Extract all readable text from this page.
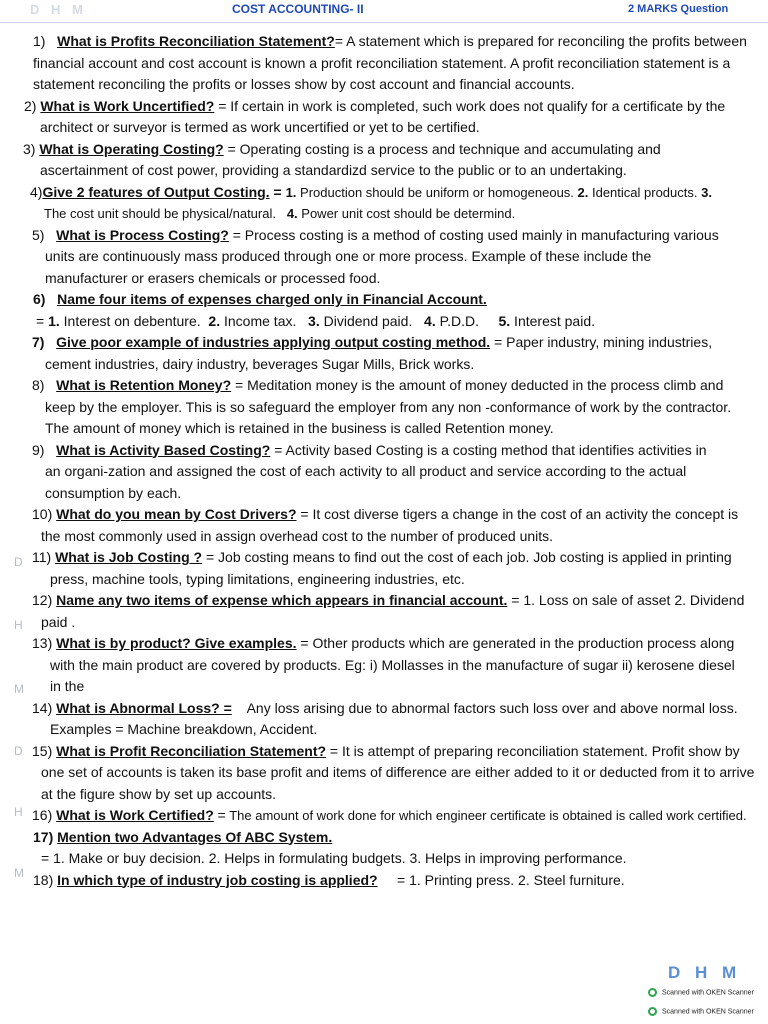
D H M	COST ACCOUNTING- II	2 MARKS Question

1) What is Profits Reconciliation Statement?= A statement which is prepared for reconciling the profits between financial account and cost account is known a profit reconciliation statement. A profit reconciliation statement is a statement reconciling the profits or losses show by cost account and financial accounts.

2) What is Work Uncertified? = If certain in work is completed, such work does not qualify for a certificate by the architect or surveyor is termed as work uncertified or yet to be certified.

3) What is Operating Costing? = Operating costing is a process and technique and accumulating and ascertainment of cost power, providing a standardizd service to the public or to an undertaking.

4)Give 2 features of Output Costing. = 1. Production should be uniform or homogeneous. 2. Identical products. 3. The cost unit should be physical/natural.   4. Power unit cost should be determind.

5) What is Process Costing? = Process costing is a method of costing used mainly in manufacturing various units are continuously mass produced through one or more process. Example of these include the manufacturer or erasers chemicals or processed food.

6) Name four items of expenses charged only in Financial Account.

= 1. Interest on debenture.  2. Income tax.   3. Dividend paid.   4. P.D.D.     5. Interest paid.

7) Give poor example of industries applying output costing method. = Paper industry, mining industries, cement industries, dairy industry, beverages Sugar Mills, Brick works.

8) What is Retention Money? = Meditation money is the amount of money deducted in the process climb and keep by the employer. This is so safeguard the employer from any non -conformance of work by the contractor. The amount of money which is retained in the business is called Retention money.

9) What is Activity Based Costing? = Activity based Costing is a costing method that identifies activities in an organi-zation and assigned the cost of each activity to all product and service according to the actual consumption by each.

10) What do you mean by Cost Drivers? = It cost diverse tigers a change in the cost of an activity the concept is the most commonly used in assign overhead cost to the number of produced units.

11) What is Job Costing ? = Job costing means to find out the cost of each job. Job costing is applied in printing press, machine tools, typing limitations, engineering industries, etc.

12) Name any two items of expense which appears in financial account. = 1. Loss on sale of asset 2. Dividend paid .

13) What is by product? Give examples. = Other products which are generated in the production process along with the main product are covered by products. Eg: i) Mollasses in the manufacture of sugar ii) kerosene diesel in the

14) What is Abnormal Loss? =    Any loss arising due to abnormal factors such loss over and above normal loss. Examples = Machine breakdown, Accident.

15) What is Profit Reconciliation Statement? = It is attempt of preparing reconciliation statement. Profit show by one set of accounts is taken its base profit and items of difference are either added to it or deducted from it to arrive at the figure show by set up accounts.

16) What is Work Certified? = The amount of work done for which engineer certificate is obtained is called work certified.

17) Mention two Advantages Of ABC System.

= 1. Make or buy decision. 2. Helps in formulating budgets. 3. Helps in improving performance.

18) In which type of industry job costing is applied?     = 1. Printing press. 2. Steel furniture.

D
H
M
D
H
M
D H M
Scanned with OKEN Scanner
Scanned with OKEN Scanner
